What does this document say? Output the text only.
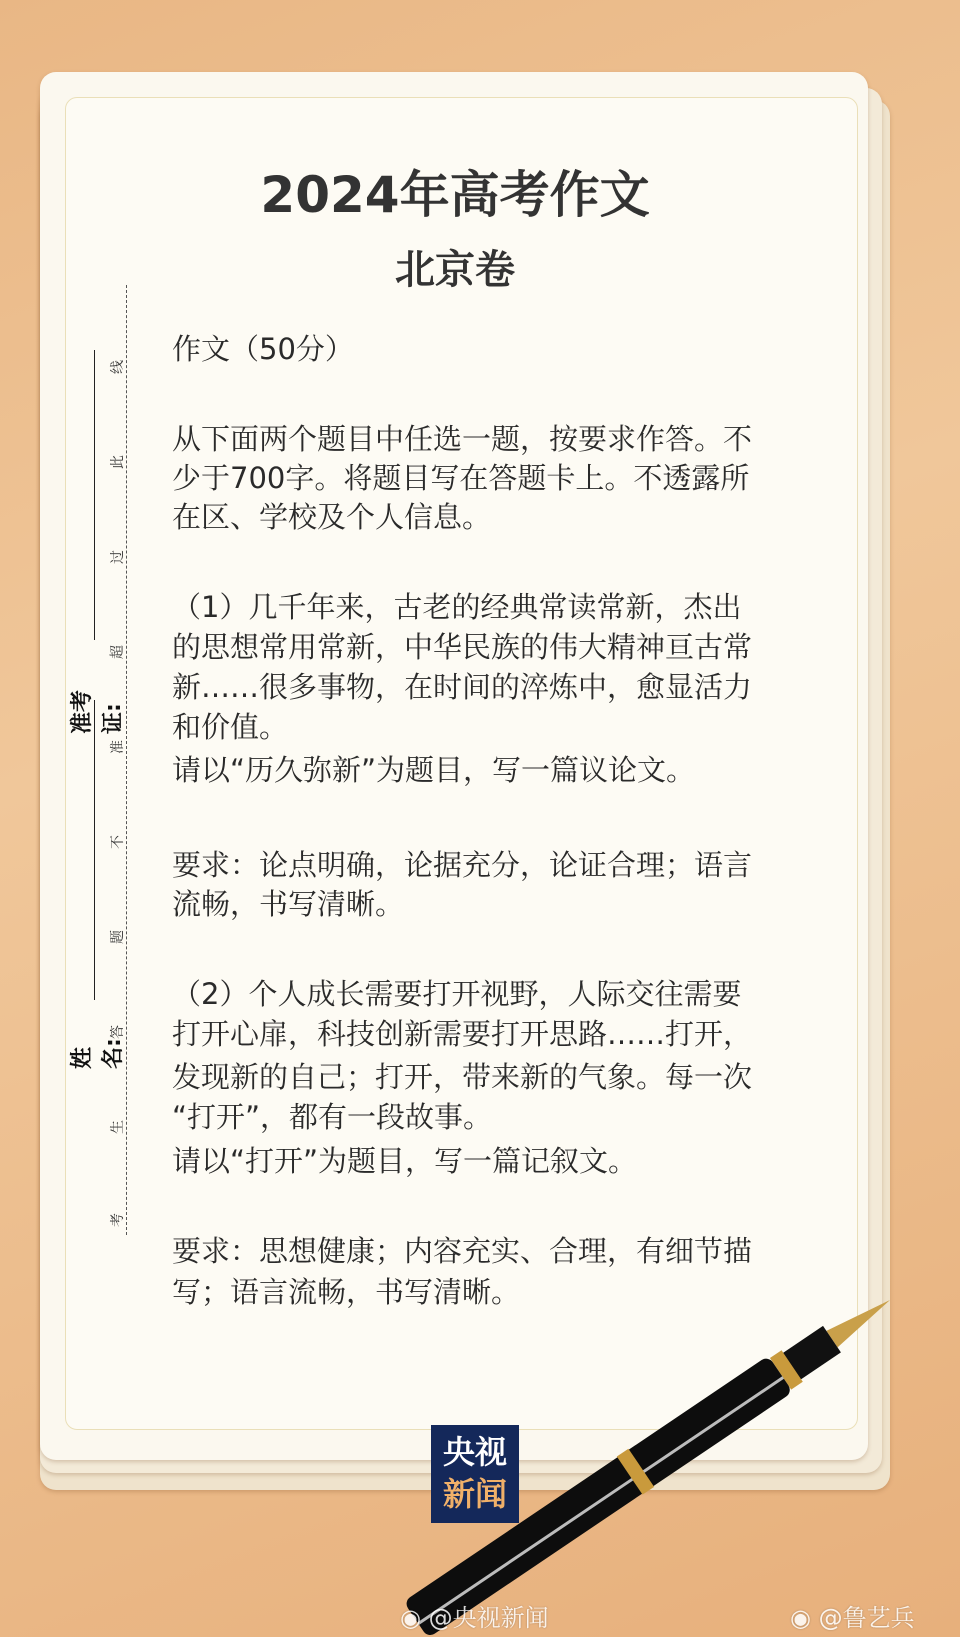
2024年高考作文
北京卷
作文（50分）
从下面两个题目中任选一题，按要求作答。不
少于700字。将题目写在答题卡上。不透露所
在区、学校及个人信息。
（1）几千年来，古老的经典常读常新，杰出
的思想常用常新，中华民族的伟大精神亘古常
新……很多事物，在时间的淬炼中，愈显活力
和价值。
请以“历久弥新”为题目，写一篇议论文。
要求：论点明确，论据充分，论证合理；语言
流畅，书写清晰。
（2）个人成长需要打开视野，人际交往需要
打开心扉，科技创新需要打开思路……打开，
发现新的自己；打开，带来新的气象。每一次
“打开”，都有一段故事。
请以“打开”为题目，写一篇记叙文。
要求：思想健康；内容充实、合理，有细节描
写；语言流畅，书写清晰。
线
此
过
超
准
不
题
答
生
考
准考证:
姓名:
央视
新闻
◉ @央视新闻	◉ @鲁艺兵
